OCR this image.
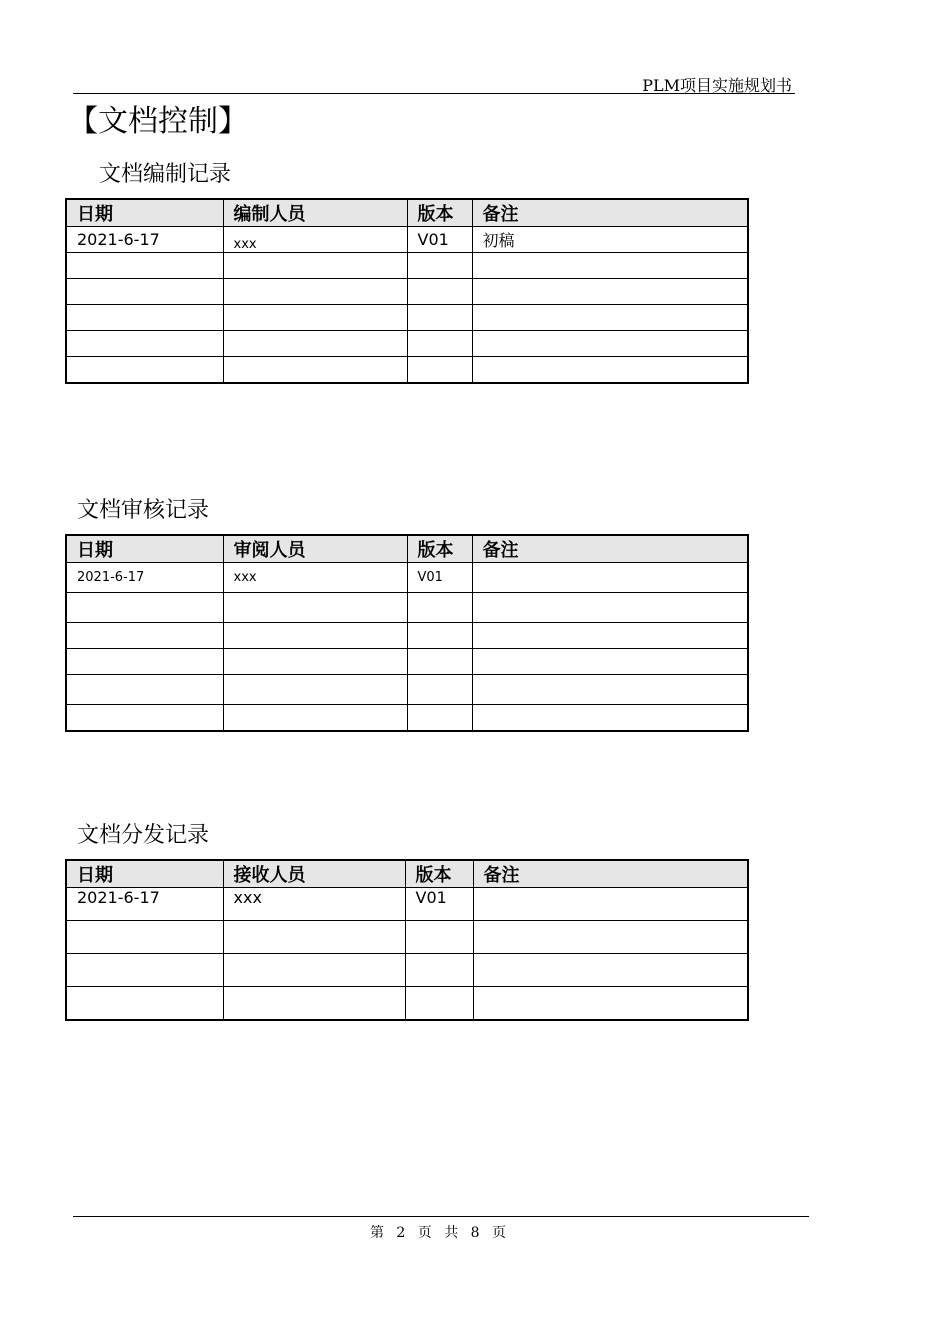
PLM项目实施规划书
【文档控制】
文档编制记录
日期	编制人员	版本	备注
2021-6-17	xxx	V01	初稿

文档审核记录
日期	审阅人员	版本	备注
2021-6-17	xxx	V01	

文档分发记录
日期	接收人员	版本	备注
2021-6-17	xxx	V01	

第 2 页 共 8 页
